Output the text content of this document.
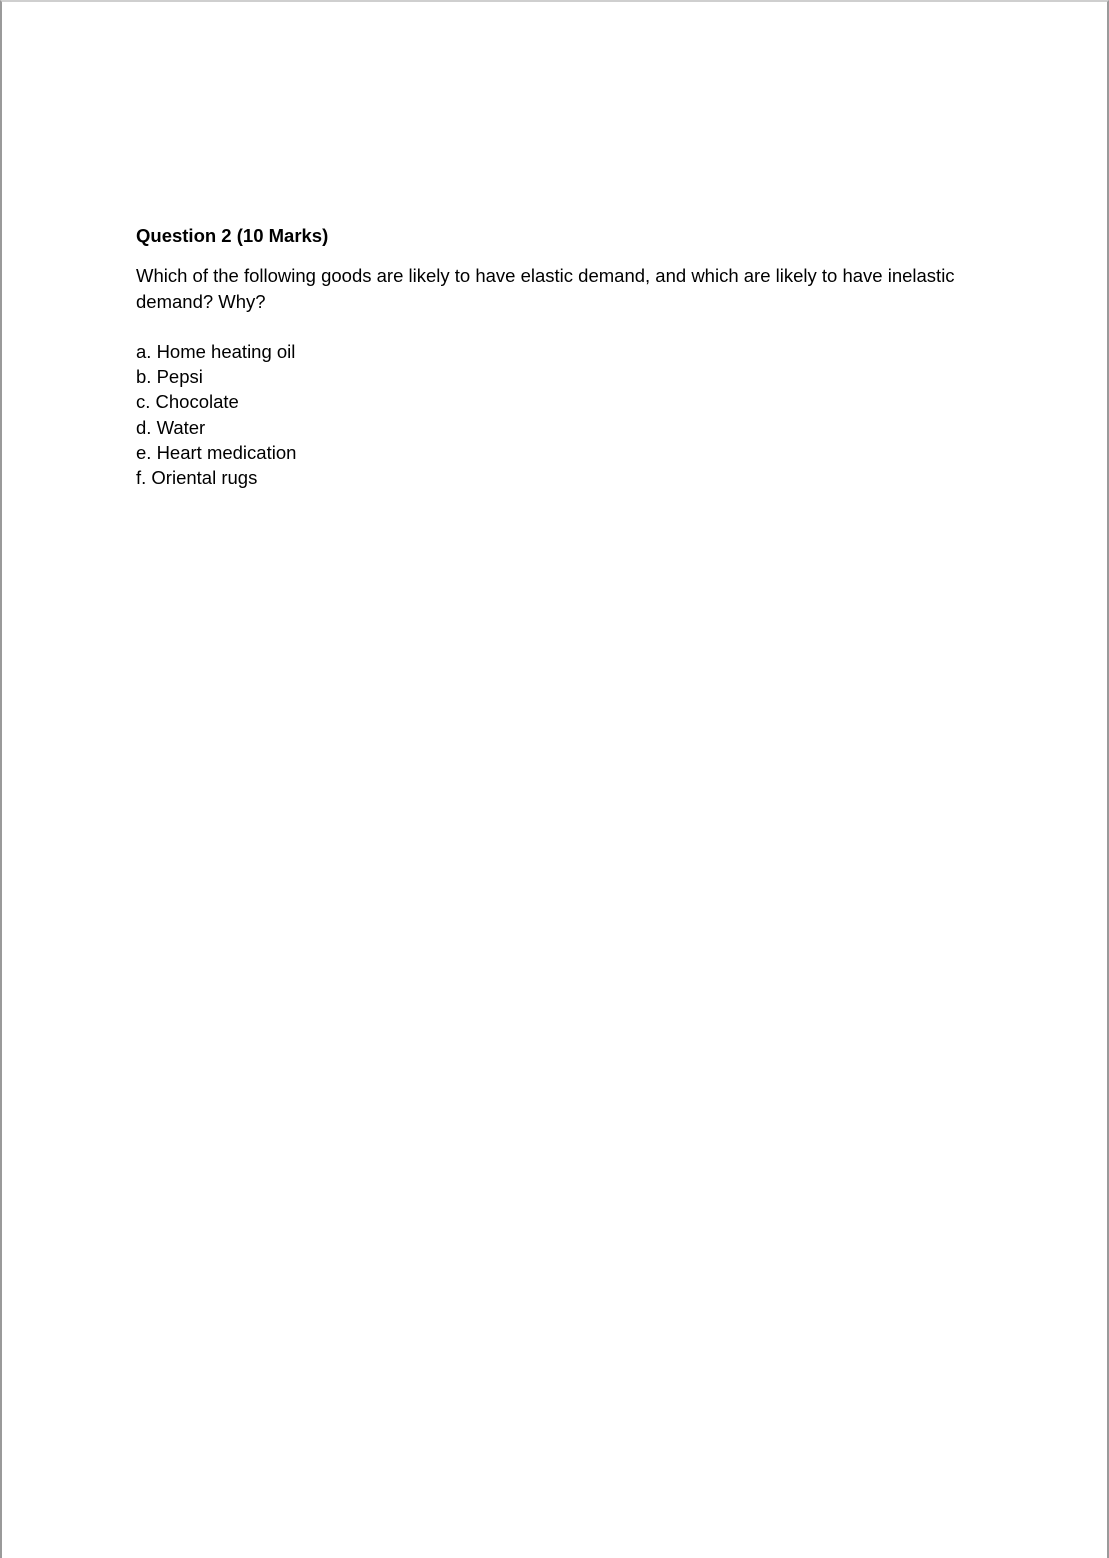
Question 2 (10 Marks)

Which of the following goods are likely to have elastic demand, and which are likely to have inelastic demand? Why?

a. Home heating oil
b. Pepsi
c. Chocolate
d. Water
e. Heart medication
f. Oriental rugs
